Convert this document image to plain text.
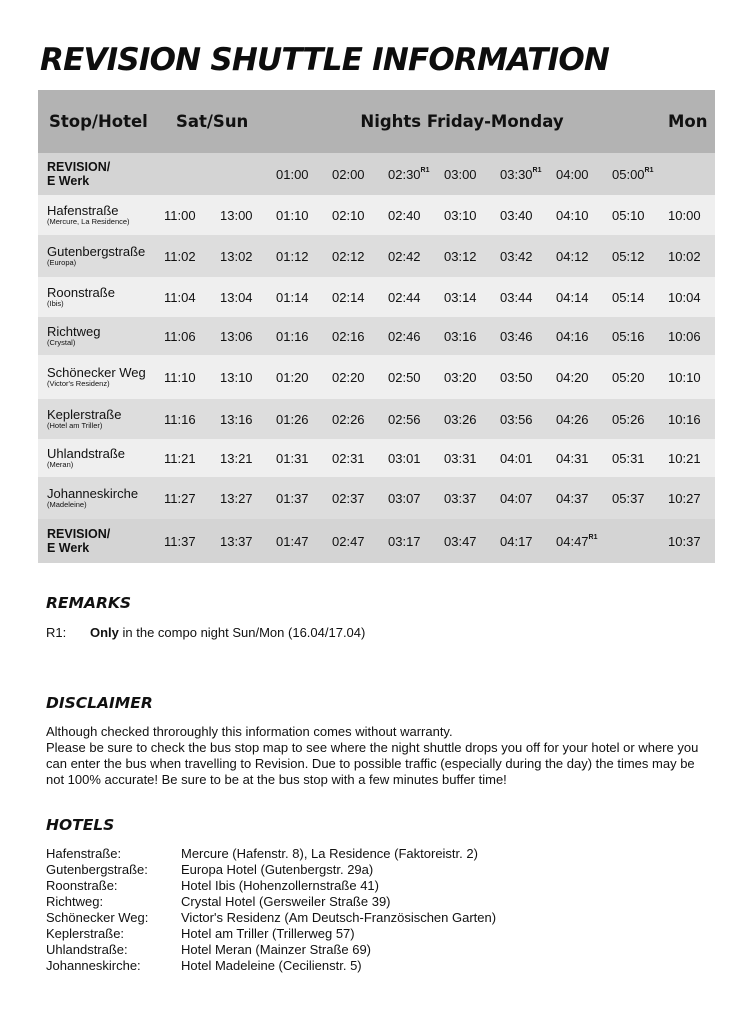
REVISION SHUTTLE INFORMATION
Stop/Hotel	Sat/Sun		Nights Friday-Monday							Mon

REVISION/
E Werk			01:00	02:00	$02:30^{R1}$	03:00	$03:30^{R1}$	04:00	$05:00^{R1}$	

Hafenstraße
(Mercure, La Residence)	11:00	13:00	01:10	02:10	02:40	03:10	03:40	04:10	05:10	10:00

Gutenbergstraße
(Europa)	11:02	13:02	01:12	02:12	02:42	03:12	03:42	04:12	05:12	10:02

Roonstraße
(Ibis)	11:04	13:04	01:14	02:14	02:44	03:14	03:44	04:14	05:14	10:04

Richtweg
(Crystal)	11:06	13:06	01:16	02:16	02:46	03:16	03:46	04:16	05:16	10:06

Schönecker Weg
(Victor's Residenz)	11:10	13:10	01:20	02:20	02:50	03:20	03:50	04:20	05:20	10:10

Keplerstraße
(Hotel am Triller)	11:16	13:16	01:26	02:26	02:56	03:26	03:56	04:26	05:26	10:16

Uhlandstraße
(Meran)	11:21	13:21	01:31	02:31	03:01	03:31	04:01	04:31	05:31	10:21

Johanneskirche
(Madeleine)	11:27	13:27	01:37	02:37	03:07	03:37	04:07	04:37	05:37	10:27

REVISION/
E Werk	11:37	13:37	01:47	02:47	03:17	03:47	04:17	$04:47^{R1}$		10:37
REMARKS
R1: Only in the compo night Sun/Mon (16.04/17.04)
DISCLAIMER

Although checked throroughly this information comes without warranty.

Please be sure to check the bus stop map to see where the night shuttle drops you off for your hotel or where you can enter the bus when travelling to Revision. Due to possible traffic (especially during the day) the times may be not 100% accurate! Be sure to be at the bus stop with a few minutes buffer time!

HOTELS
Hafenstraße:	Mercure (Hafenstr. 8), La Residence (Faktoreistr. 2)
Gutenbergstraße:	Europa Hotel (Gutenbergstr. 29a)
Roonstraße:	Hotel Ibis (Hohenzollernstraße 41)
Richtweg:	Crystal Hotel (Gersweiler Straße 39)
Schönecker Weg:	Victor's Residenz (Am Deutsch-Französischen Garten)
Keplerstraße:	Hotel am Triller (Trillerweg 57)
Uhlandstraße:	Hotel Meran (Mainzer Straße 69)
Johanneskirche:	Hotel Madeleine (Cecilienstr. 5)
